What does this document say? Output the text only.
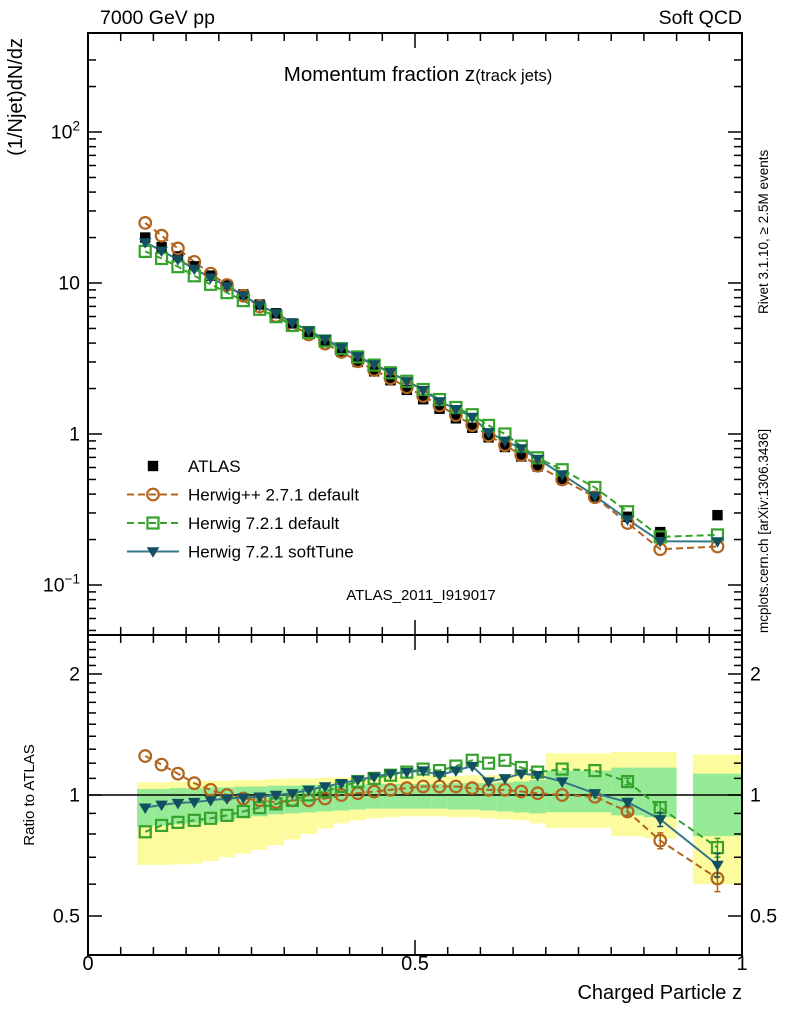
7000 GeV pp	Soft QCD
0	0.5	1
$10^2$
10
1
$10^{-1}$
2	2
1	1
0.5	0.5
Momentum fraction z(track jets)
ATLAS_2011_I919017
(1/Njet)dN/dz
Ratio to ATLAS
Charged Particle z
Rivet 3.1.10, ≥ 2.5M events
mcplots.cern.ch [arXiv:1306.3436]
ATLAS
Herwig++ 2.7.1 default
Herwig 7.2.1 default
Herwig 7.2.1 softTune
